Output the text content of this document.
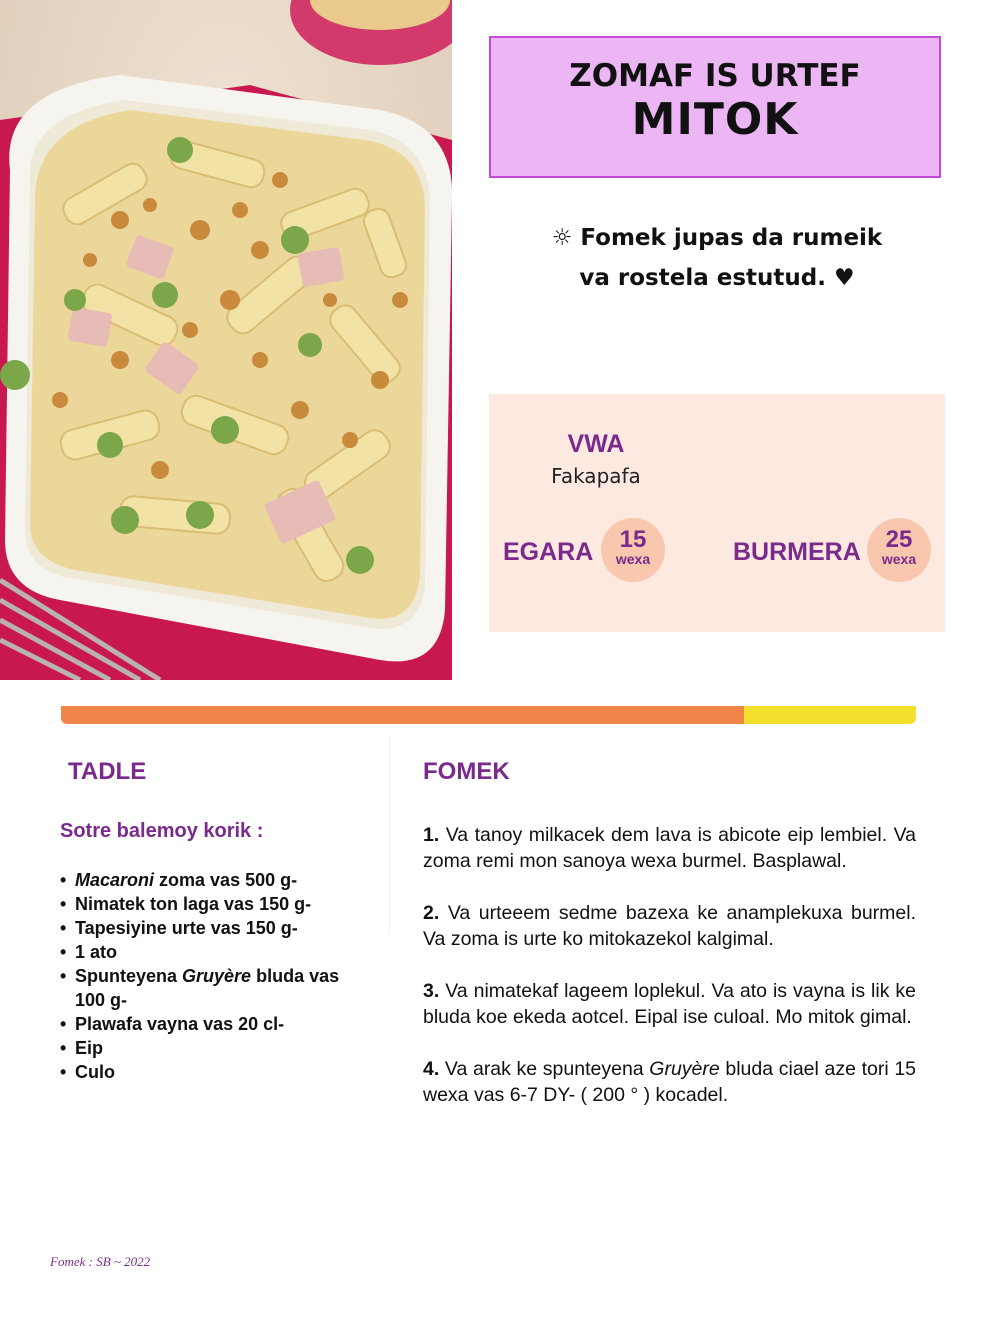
ZOMAF IS URTEF
MITOK
☼ Fomek jupas da rumeik
va rostela estutud. ♥
VWA
Fakapafa
EGARA	15
wexa	BURMERA	25
wexa
TADLE
Sotre balemoy korik :
• Macaroni zoma vas 500 g-
• Nimatek ton laga vas 150 g-
• Tapesiyine urte vas 150 g-
• 1 ato
• Spunteyena Gruyère bluda vas 100 g-
• Plawafa vayna vas 20 cl-
• Eip
• Culo
FOMEK
1. Va tanoy milkacek dem lava is abicote eip lembiel. Va zoma remi mon sanoya wexa burmel. Basplawal.
2. Va urteeem sedme bazexa ke anamplekuxa burmel. Va zoma is urte ko mitokazekol kalgimal.
3. Va nimatekaf lageem loplekul. Va ato is vayna is lik ke bluda koe ekeda aotcel. Eipal ise culoal. Mo mitok gimal.
4. Va arak ke spunteyena Gruyère bluda ciael aze tori 15 wexa vas 6-7 DY- ( 200 ° ) kocadel.
Fomek : SB ~ 2022
